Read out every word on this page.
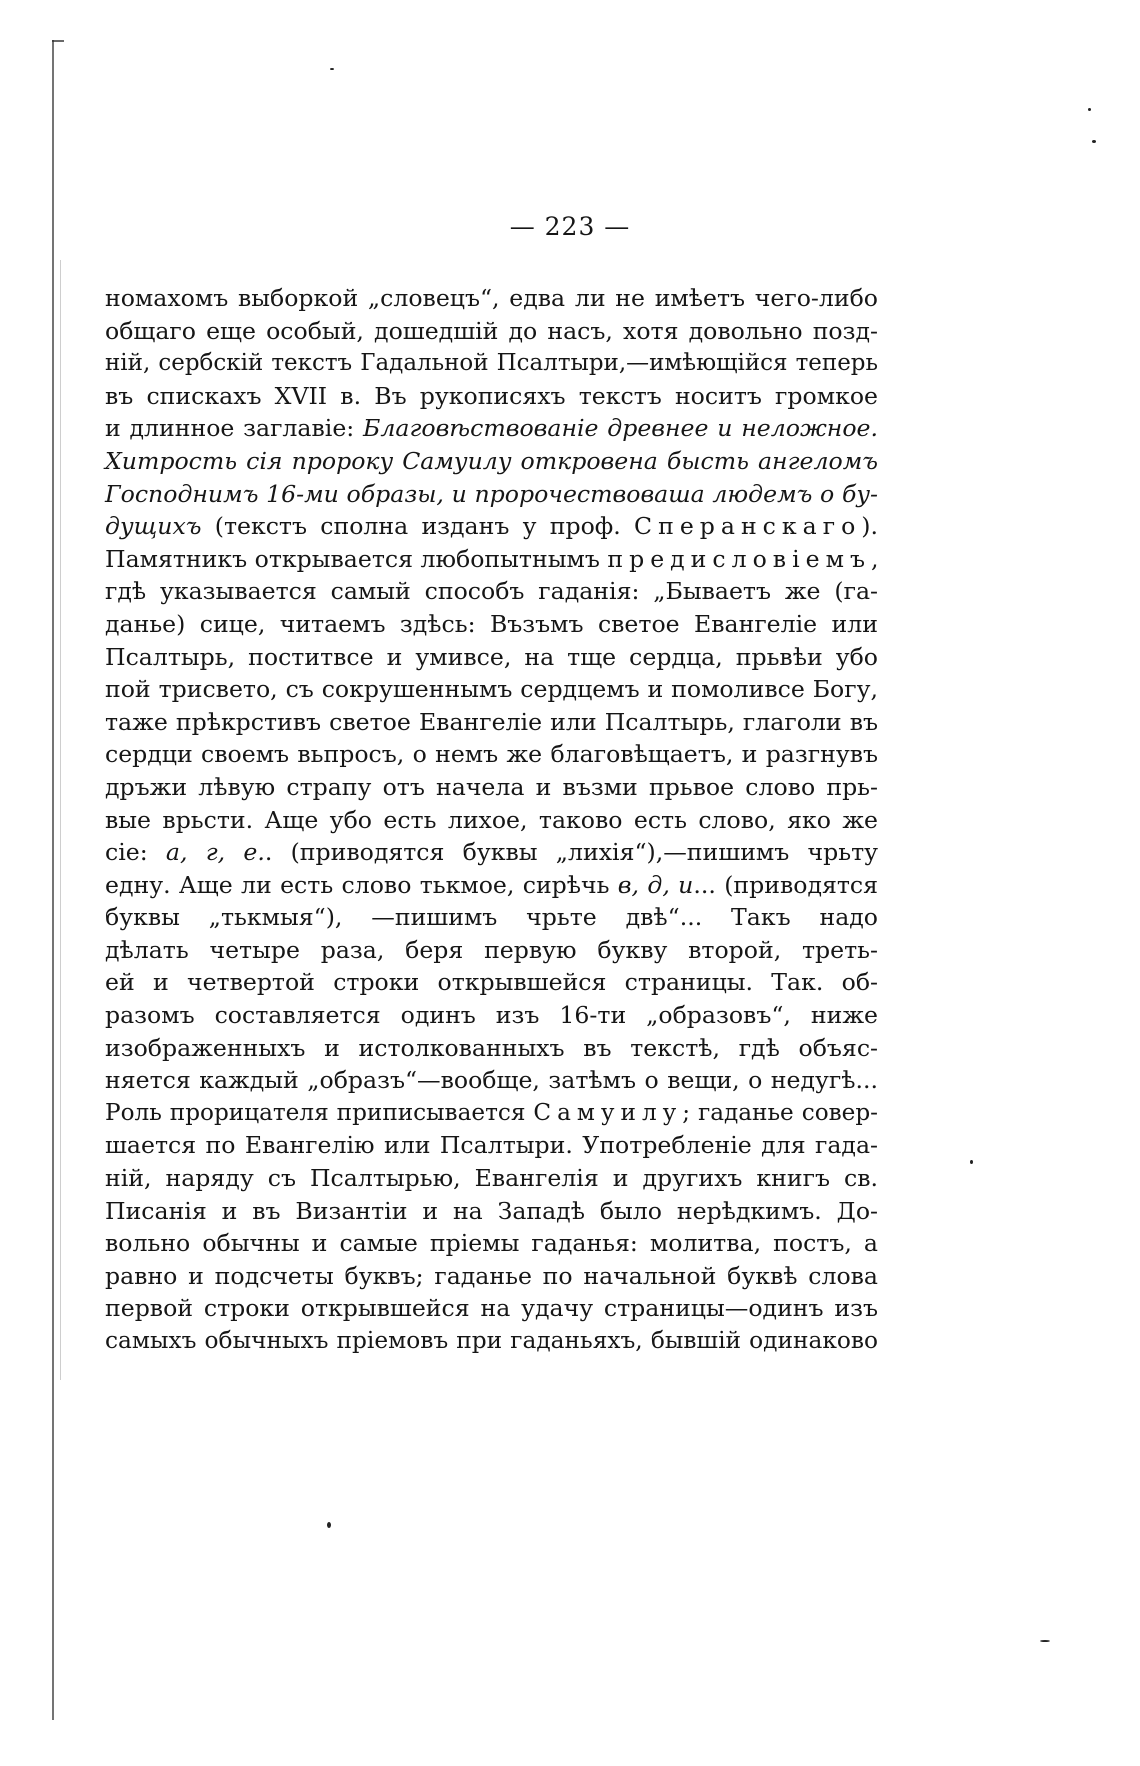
— 223 —
номахомъ выборкой „словецъ“, едва ли не имѣетъ чего-либо
общаго еще особый, дошедшій до насъ, хотя довольно позд-
ній, сербскій текстъ Гадальной Псалтыри,—имѣющійся теперь
въ спискахъ XVII в. Въ рукописяхъ текстъ носитъ громкое
и длинное заглавіе: Благовѣствованіе древнее и неложное.
Хитрость сія пророку Самуилу откровена бысть ангеломъ
Господнимъ 16-ми образы, и пророчествоваша людемъ о бу-
дущихъ (текстъ сполна изданъ у проф. Сперанскаго).
Памятникъ открывается любопытнымъ предисловіемъ,
гдѣ указывается самый способъ гаданія: „Бываетъ же (га-
данье) сице, читаемъ здѣсь: Възъмъ светое Евангеліе или
Псалтырь, поститвсе и умивсе, на тще сердца, прьвѣи убо
пой трисвето, съ сокрушеннымъ сердцемъ и помоливсе Богу,
таже прѣкрстивъ светое Евангеліе или Псалтырь, глаголи въ
сердци своемъ вьпросъ, о немъ же благовѣщаетъ, и разгнувъ
дръжи лѣвую страпу отъ начела и възми прьвое слово прь-
вые врьсти. Аще убо есть лихое, таково есть слово, яко же
сіе: а, г, е.. (приводятся буквы „лихія“),—пишимъ чрьту
едну. Аще ли есть слово тькмое, сирѣчь в, д, и... (приводятся
буквы „тькмыя“), —пишимъ чрьте двѣ“... Такъ надо
дѣлать четыре раза, беря первую букву второй, треть-
ей и четвертой строки открывшейся страницы. Так. об-
разомъ составляется одинъ изъ 16-ти „образовъ“, ниже
изображенныхъ и истолкованныхъ въ текстѣ, гдѣ объяс-
няется каждый „образъ“—вообще, затѣмъ о вещи, о недугѣ...
Роль прорицателя приписывается Самуилу; гаданье совер-
шается по Евангелію или Псалтыри. Употребленіе для гада-
ній, наряду съ Псалтырью, Евангелія и другихъ книгъ св.
Писанія и въ Византіи и на Западѣ было нерѣдкимъ. До-
вольно обычны и самые пріемы гаданья: молитва, постъ, а
равно и подсчеты буквъ; гаданье по начальной буквѣ слова
первой строки открывшейся на удачу страницы—одинъ изъ
самыхъ обычныхъ пріемовъ при гаданьяхъ, бывшій одинаково
